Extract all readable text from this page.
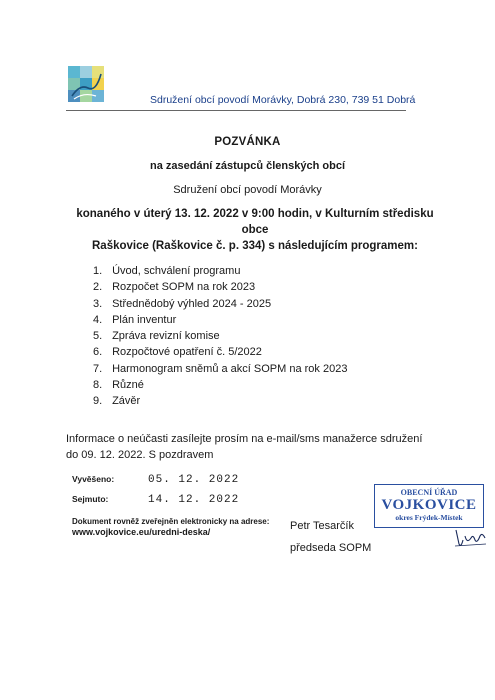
Sdružení obcí povodí Morávky, Dobrá 230, 739 51 Dobrá
POZVÁNKA
na zasedání zástupců členských obcí
Sdružení obcí povodí Morávky
konaného v úterý 13. 12. 2022 v 9:00 hodin, v Kulturním středisku obce
Raškovice (Raškovice č. p. 334) s následujícím programem:
1. Úvod, schválení programu
2. Rozpočet SOPM na rok 2023
3. Střednědobý výhled 2024 - 2025
4. Plán inventur
5. Zpráva revizní komise
6. Rozpočtové opatření č. 5/2022
7. Harmonogram sněmů a akcí SOPM na rok 2023
8. Různé
9. Závěr
Informace o neúčasti zasílejte prosím na e-mail/sms manažerce sdružení
do 09. 12. 2022. S pozdravem
Vyvěšeno:	05. 12. 2022
Sejmuto:	14. 12. 2022
Dokument rovněž zveřejněn elektronicky na adrese:
www.vojkovice.eu/uredni-deska/	Petr Tesarčík
předseda SOPM
OBECNÍ ÚŘAD
VOJKOVICE
okres Frýdek-Místek
